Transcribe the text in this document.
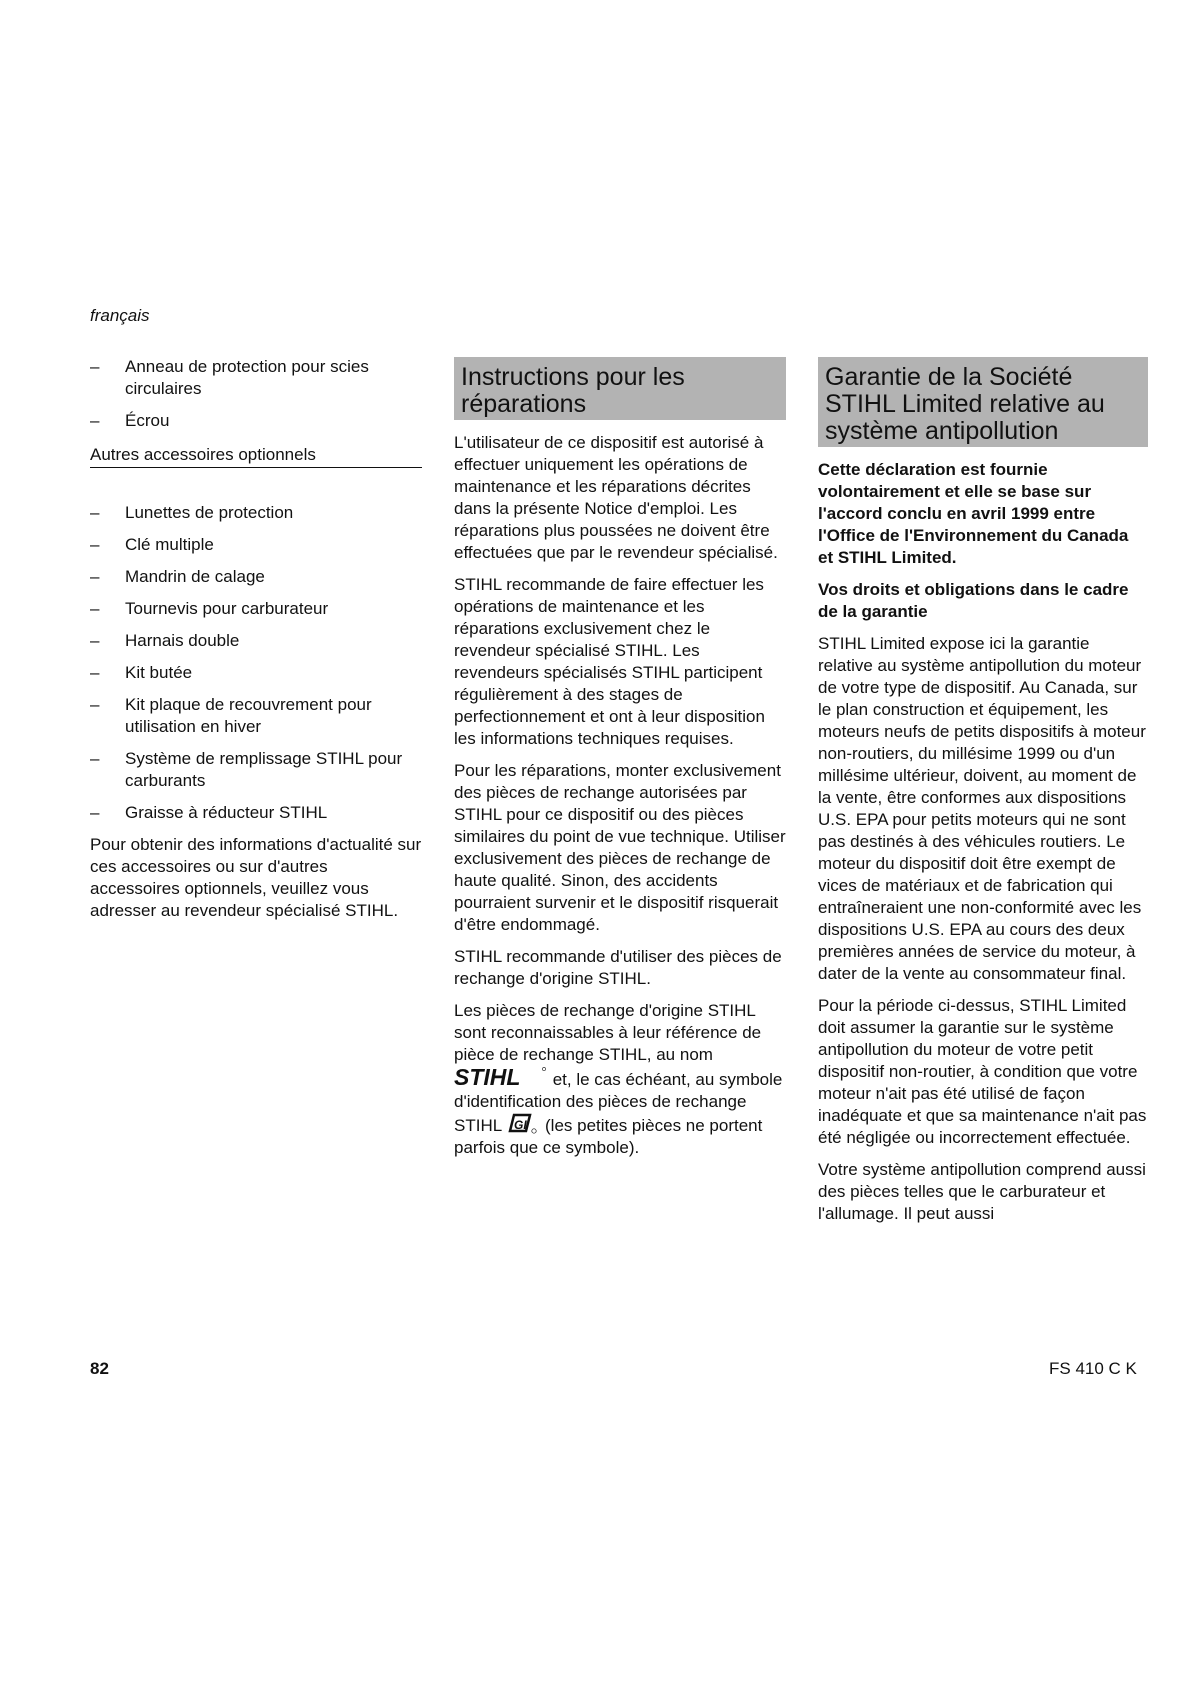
français
– Anneau de protection pour scies circulaires
– Écrou
Autres accessoires optionnels
– Lunettes de protection
– Clé multiple
– Mandrin de calage
– Tournevis pour carburateur
– Harnais double
– Kit butée
– Kit plaque de recouvrement pour utilisation en hiver
– Système de remplissage STIHL pour carburants
– Graisse à réducteur STIHL

Pour obtenir des informations d'actualité sur ces accessoires ou sur d'autres accessoires optionnels, veuillez vous adresser au revendeur spécialisé STIHL.

Instructions pour les réparations

L'utilisateur de ce dispositif est autorisé à effectuer uniquement les opérations de maintenance et les réparations décrites dans la présente Notice d'emploi. Les réparations plus poussées ne doivent être effectuées que par le revendeur spécialisé.

STIHL recommande de faire effectuer les opérations de maintenance et les réparations exclusivement chez le revendeur spécialisé STIHL. Les revendeurs spécialisés STIHL participent régulièrement à des stages de perfectionnement et ont à leur disposition les informations techniques requises.

Pour les réparations, monter exclusivement des pièces de rechange autorisées par STIHL pour ce dispositif ou des pièces similaires du point de vue technique. Utiliser exclusivement des pièces de rechange de haute qualité. Sinon, des accidents pourraient survenir et le dispositif risquerait d'être endommagé.

STIHL recommande d'utiliser des pièces de rechange d'origine STIHL.

Les pièces de rechange d'origine STIHL sont reconnaissables à leur référence de pièce de rechange STIHL, au nom
STIHL et, le cas échéant, au symbole d'identification des pièces de rechange STIHL GI (les petites pièces ne portent parfois que ce symbole).

Garantie de la Société STIHL Limited relative au système antipollution

Cette déclaration est fournie volontairement et elle se base sur l'accord conclu en avril 1999 entre l'Office de l'Environnement du Canada et STIHL Limited.

Vos droits et obligations dans le cadre de la garantie

STIHL Limited expose ici la garantie relative au système antipollution du moteur de votre type de dispositif. Au Canada, sur le plan construction et équipement, les moteurs neufs de petits dispositifs à moteur non-routiers, du millésime 1999 ou d'un millésime ultérieur, doivent, au moment de la vente, être conformes aux dispositions U.S. EPA pour petits moteurs qui ne sont pas destinés à des véhicules routiers. Le moteur du dispositif doit être exempt de vices de matériaux et de fabrication qui entraîneraient une non-conformité avec les dispositions U.S. EPA au cours des deux premières années de service du moteur, à dater de la vente au consommateur final.

Pour la période ci-dessus, STIHL Limited doit assumer la garantie sur le système antipollution du moteur de votre petit dispositif non-routier, à condition que votre moteur n'ait pas été utilisé de façon inadéquate et que sa maintenance n'ait pas été négligée ou incorrectement effectuée.

Votre système antipollution comprend aussi des pièces telles que le carburateur et l'allumage. Il peut aussi

82	FS 410 C K
